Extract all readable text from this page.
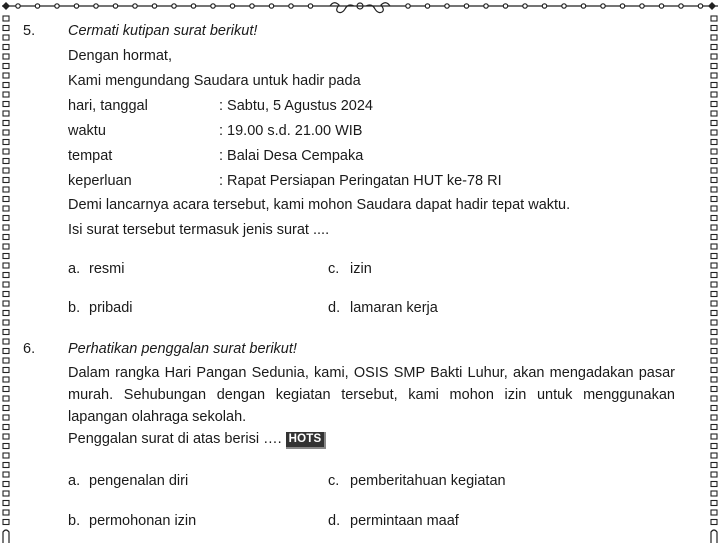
5. Cermati kutipan surat berikut!
Dengan hormat,
Kami mengundang Saudara untuk hadir pada
hari, tanggal	: Sabtu, 5 Agustus 2024
waktu	: 19.00 s.d. 21.00 WIB
tempat	: Balai Desa Cempaka
keperluan	: Rapat Persiapan Peringatan HUT ke-78 RI
Demi lancarnya acara tersebut, kami mohon Saudara dapat hadir tepat waktu.
Isi surat tersebut termasuk jenis surat ....
a. resmi
b. pribadi
c. izin
d. lamaran kerja
6. Perhatikan penggalan surat berikut!
Dalam rangka Hari Pangan Sedunia, kami, OSIS SMP Bakti Luhur, akan mengadakan pasar murah. Sehubungan dengan kegiatan tersebut, kami mohon izin untuk menggunakan lapangan olahraga sekolah.
Penggalan surat di atas berisi …. HOTS
a. pengenalan diri
b. permohonan izin
c. pemberitahuan kegiatan
d. permintaan maaf
